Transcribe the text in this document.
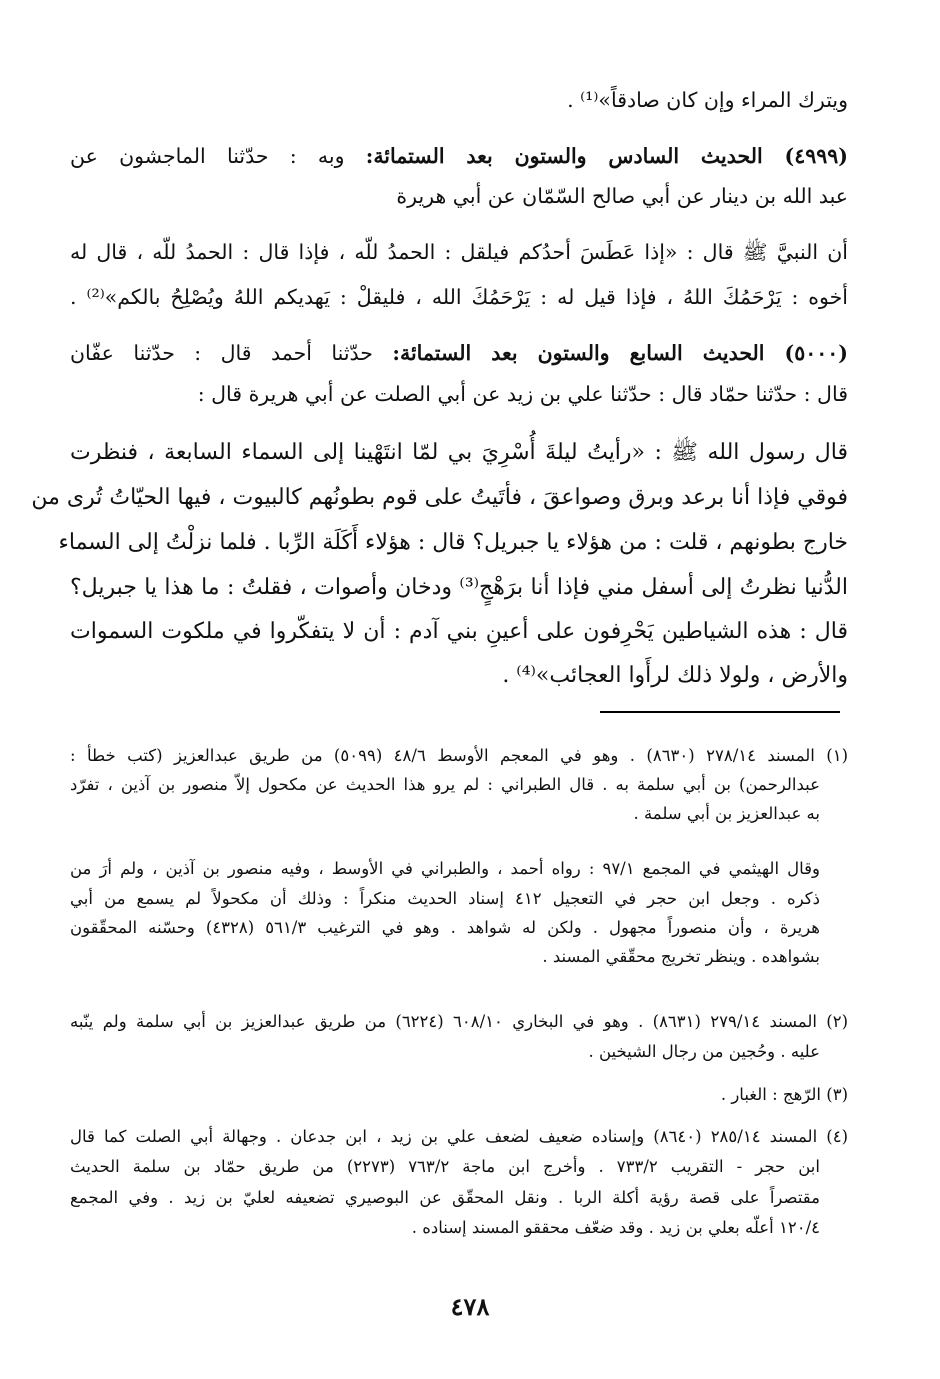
ويترك المراء وإن كان صادقاً»⁽¹⁾ .
(٤٩٩٩) الحديث السادس والستون بعد الستمائة: وبه : حدّثنا الماجشون عن
عبد الله بن دينار عن أبي صالح السّمّان عن أبي هريرة
أن النبيَّ ﷺ قال : «إذا عَطَسَ أحدُكم فيلقل : الحمدُ للّه ، فإذا قال : الحمدُ للّه ، قال له
أخوه : يَرْحَمُكَ اللهُ ، فإذا قيل له : يَرْحَمُكَ الله ، فليقلْ : يَهديكم اللهُ ويُصْلِحُ بالكم»⁽²⁾ .
(٥٠٠٠) الحديث السابع والستون بعد الستمائة: حدّثنا أحمد قال : حدّثنا عفّان
قال : حدّثنا حمّاد قال : حدّثنا علي بن زيد عن أبي الصلت عن أبي هريرة قال :
قال رسول الله ﷺ : «رأيتُ ليلةَ أُسْرِيَ بي لمّا انتَهْينا إلى السماء السابعة ، فنظرت
فوقي فإذا أنا برعد وبرق وصواعقَ ، فأتَيتُ على قوم بطونُهم كالبيوت ، فيها الحيّاتُ تُرى من
خارج بطونهم ، قلت : من هؤلاء يا جبريل؟ قال : هؤلاء أَكَلَة الرِّبا . فلما نزلْتُ إلى السماء
الدُّنيا نظرتُ إلى أسفل مني فإذا أنا برَهْجٍ⁽³⁾ ودخان وأصوات ، فقلتُ : ما هذا يا جبريل؟
قال : هذه الشياطين يَحْرِفون على أعينِ بني آدم : أن لا يتفكّروا في ملكوت السموات
والأرض ، ولولا ذلك لرأَوا العجائب»⁽⁴⁾ .
(١) المسند ٢٧٨/١٤ (٨٦٣٠) . وهو في المعجم الأوسط ٤٨/٦ (٥٠٩٩) من طريق عبدالعزيز (كتب خطأ :
عبدالرحمن) بن أبي سلمة به . قال الطبراني : لم يرو هذا الحديث عن مكحول إلاّ منصور بن آذين ، تفرّد
به عبدالعزيز بن أبي سلمة .
وقال الهيثمي في المجمع ٩٧/١ : رواه أحمد ، والطبراني في الأوسط ، وفيه منصور بن آذين ، ولم أرَ من
ذكره . وجعل ابن حجر في التعجيل ٤١٢ إسناد الحديث منكراً : وذلك أن مكحولاً لم يسمع من أبي
هريرة ، وأن منصوراً مجهول . ولكن له شواهد . وهو في الترغيب ٥٦١/٣ (٤٣٢٨) وحسّنه المحقّقون
بشواهده . وينظر تخريج محقّقي المسند .
(٢) المسند ٢٧٩/١٤ (٨٦٣١) . وهو في البخاري ٦٠٨/١٠ (٦٢٢٤) من طريق عبدالعزيز بن أبي سلمة ولم ينّبه
عليه . وحُجين من رجال الشيخين .
(٣) الرّهج : الغبار .
(٤) المسند ٢٨٥/١٤ (٨٦٤٠) وإسناده ضعيف لضعف علي بن زيد ، ابن جدعان . وجهالة أبي الصلت كما قال
ابن حجر - التقريب ٧٣٣/٢ . وأخرج ابن ماجة ٧٦٣/٢ (٢٢٧٣) من طريق حمّاد بن سلمة الحديث
مقتصراً على قصة رؤية أكلة الربا . ونقل المحقّق عن البوصيري تضعيفه لعليّ بن زيد . وفي المجمع
١٢٠/٤ أعلّه بعلي بن زيد . وقد ضعّف محققو المسند إسناده .
٤٧٨
